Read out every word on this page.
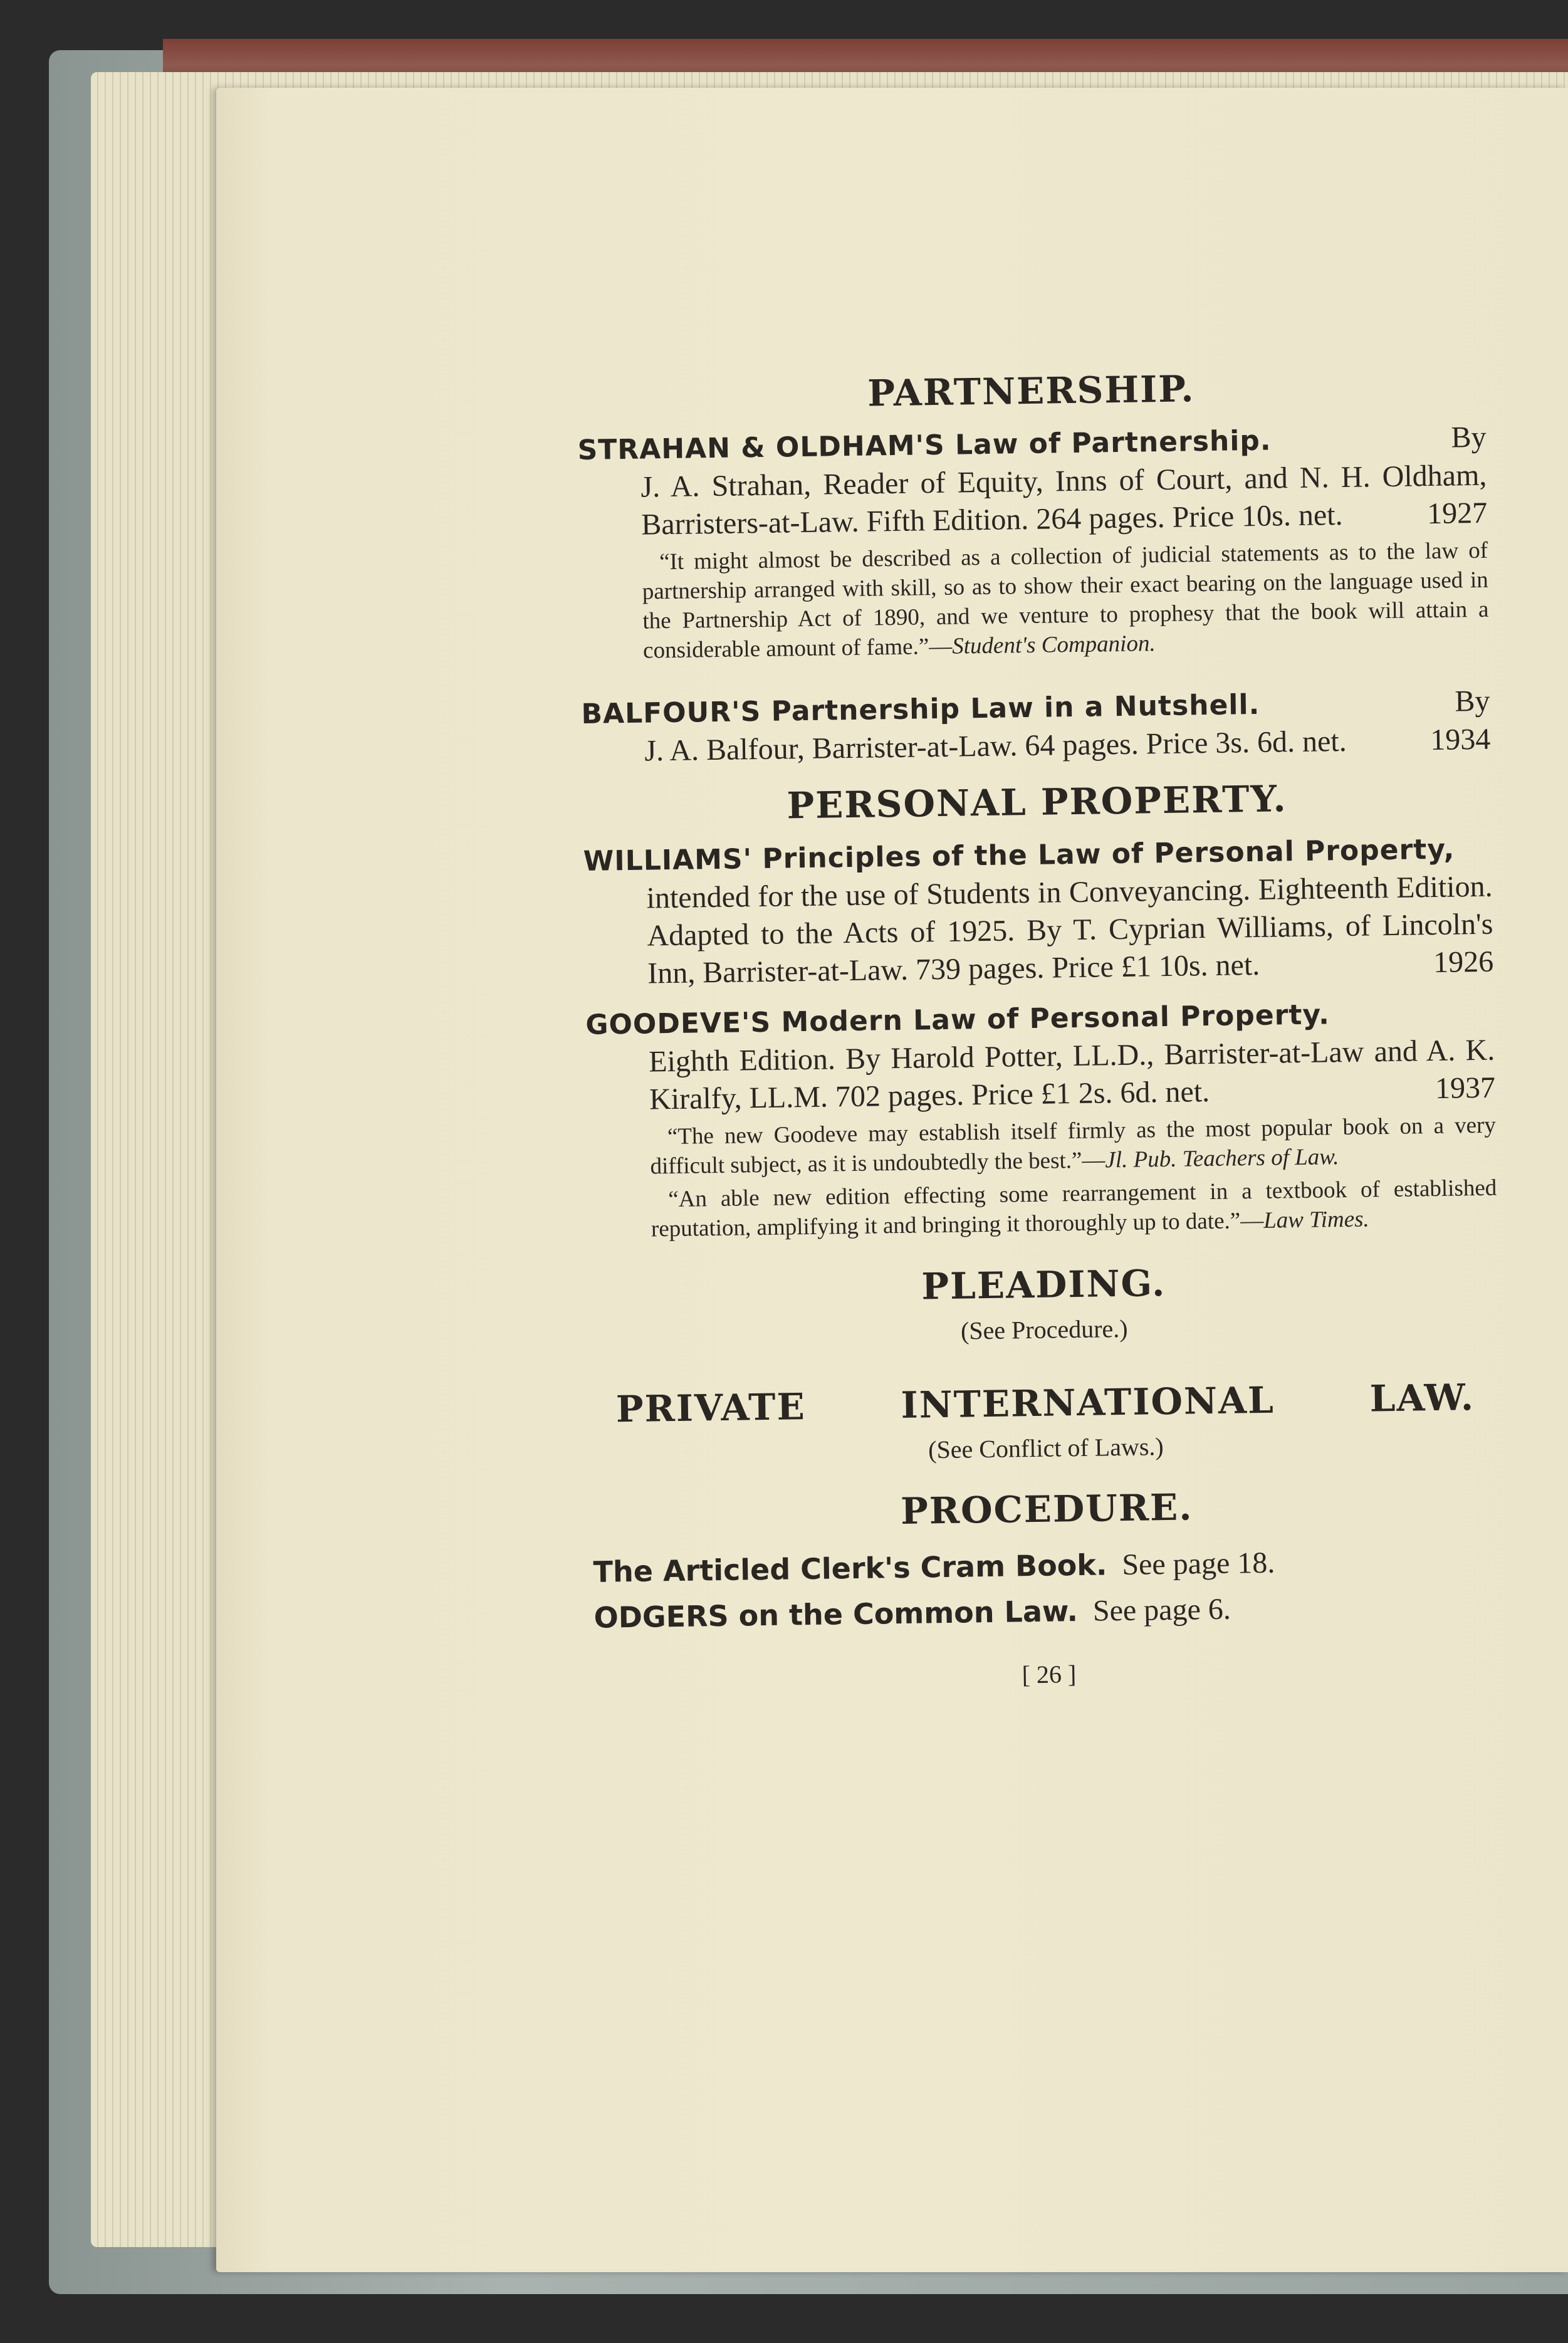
PARTNERSHIP.
STRAHAN & OLDHAM'S Law of Partnership.	By
J. A. Strahan, Reader of Equity, Inns of Court, and N. H. Oldham, Barristers-at-Law. Fifth Edition. 264 pages. Price 10s. net.	1927
“It might almost be described as a collection of judicial statements as to the law of partnership arranged with skill, so as to show their exact bearing on the language used in the Partnership Act of 1890, and we venture to prophesy that the book will attain a considerable amount of fame.”—Student's Companion.
BALFOUR'S Partnership Law in a Nutshell.	By
J. A. Balfour, Barrister-at-Law. 64 pages. Price 3s. 6d. net.	1934
PERSONAL PROPERTY.
WILLIAMS' Principles of the Law of Personal Property,
intended for the use of Students in Conveyancing. Eighteenth Edition. Adapted to the Acts of 1925. By T. Cyprian Williams, of Lincoln's Inn, Barrister-at-Law. 739 pages. Price £1 10s. net.	1926
GOODEVE'S Modern Law of Personal Property.
Eighth Edition. By Harold Potter, LL.D., Barrister-at-Law and A. K. Kiralfy, LL.M. 702 pages. Price £1 2s. 6d. net.	1937
“The new Goodeve may establish itself firmly as the most popular book on a very difficult subject, as it is undoubtedly the best.”—Jl. Pub. Teachers of Law.
“An able new edition effecting some rearrangement in a textbook of established reputation, amplifying it and bringing it thoroughly up to date.”—Law Times.
PLEADING.
(See Procedure.)
PRIVATE	INTERNATIONAL	LAW.
(See Conflict of Laws.)
PROCEDURE.
The Articled Clerk's Cram Book. See page 18.
ODGERS on the Common Law. See page 6.
[ 26 ]
